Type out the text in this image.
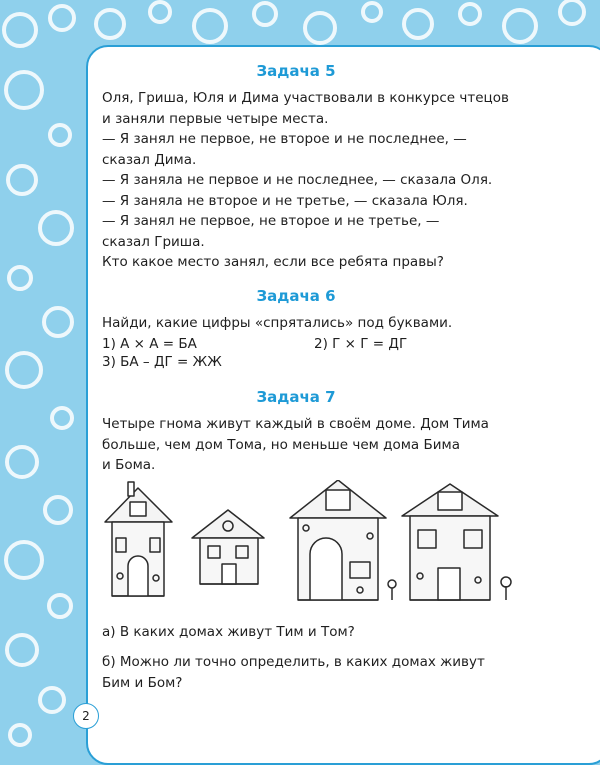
Задача 5
Оля, Гриша, Юля и Дима участвовали в конкурсе чтецов
и заняли первые четыре места.
— Я занял не первое, не второе и не последнее, —
сказал Дима.
— Я заняла не первое и не последнее, — сказала Оля.
— Я заняла не второе и не третье, — сказала Юля.
— Я занял не первое, не второе и не третье, —
сказал Гриша.
Кто какое место занял, если все ребята правы?
Задача 6
Найди, какие цифры «спрятались» под буквами.
1) А × А = БА	2) Г × Г = ДГ
3) БА – ДГ = ЖЖ
Задача 7
Четыре гнома живут каждый в своём доме. Дом Тима
больше, чем дом Тома, но меньше чем дома Бима
и Бома.
а) В каких домах живут Тим и Том?
б) Можно ли точно определить, в каких домах живут
Бим и Бом?
2
